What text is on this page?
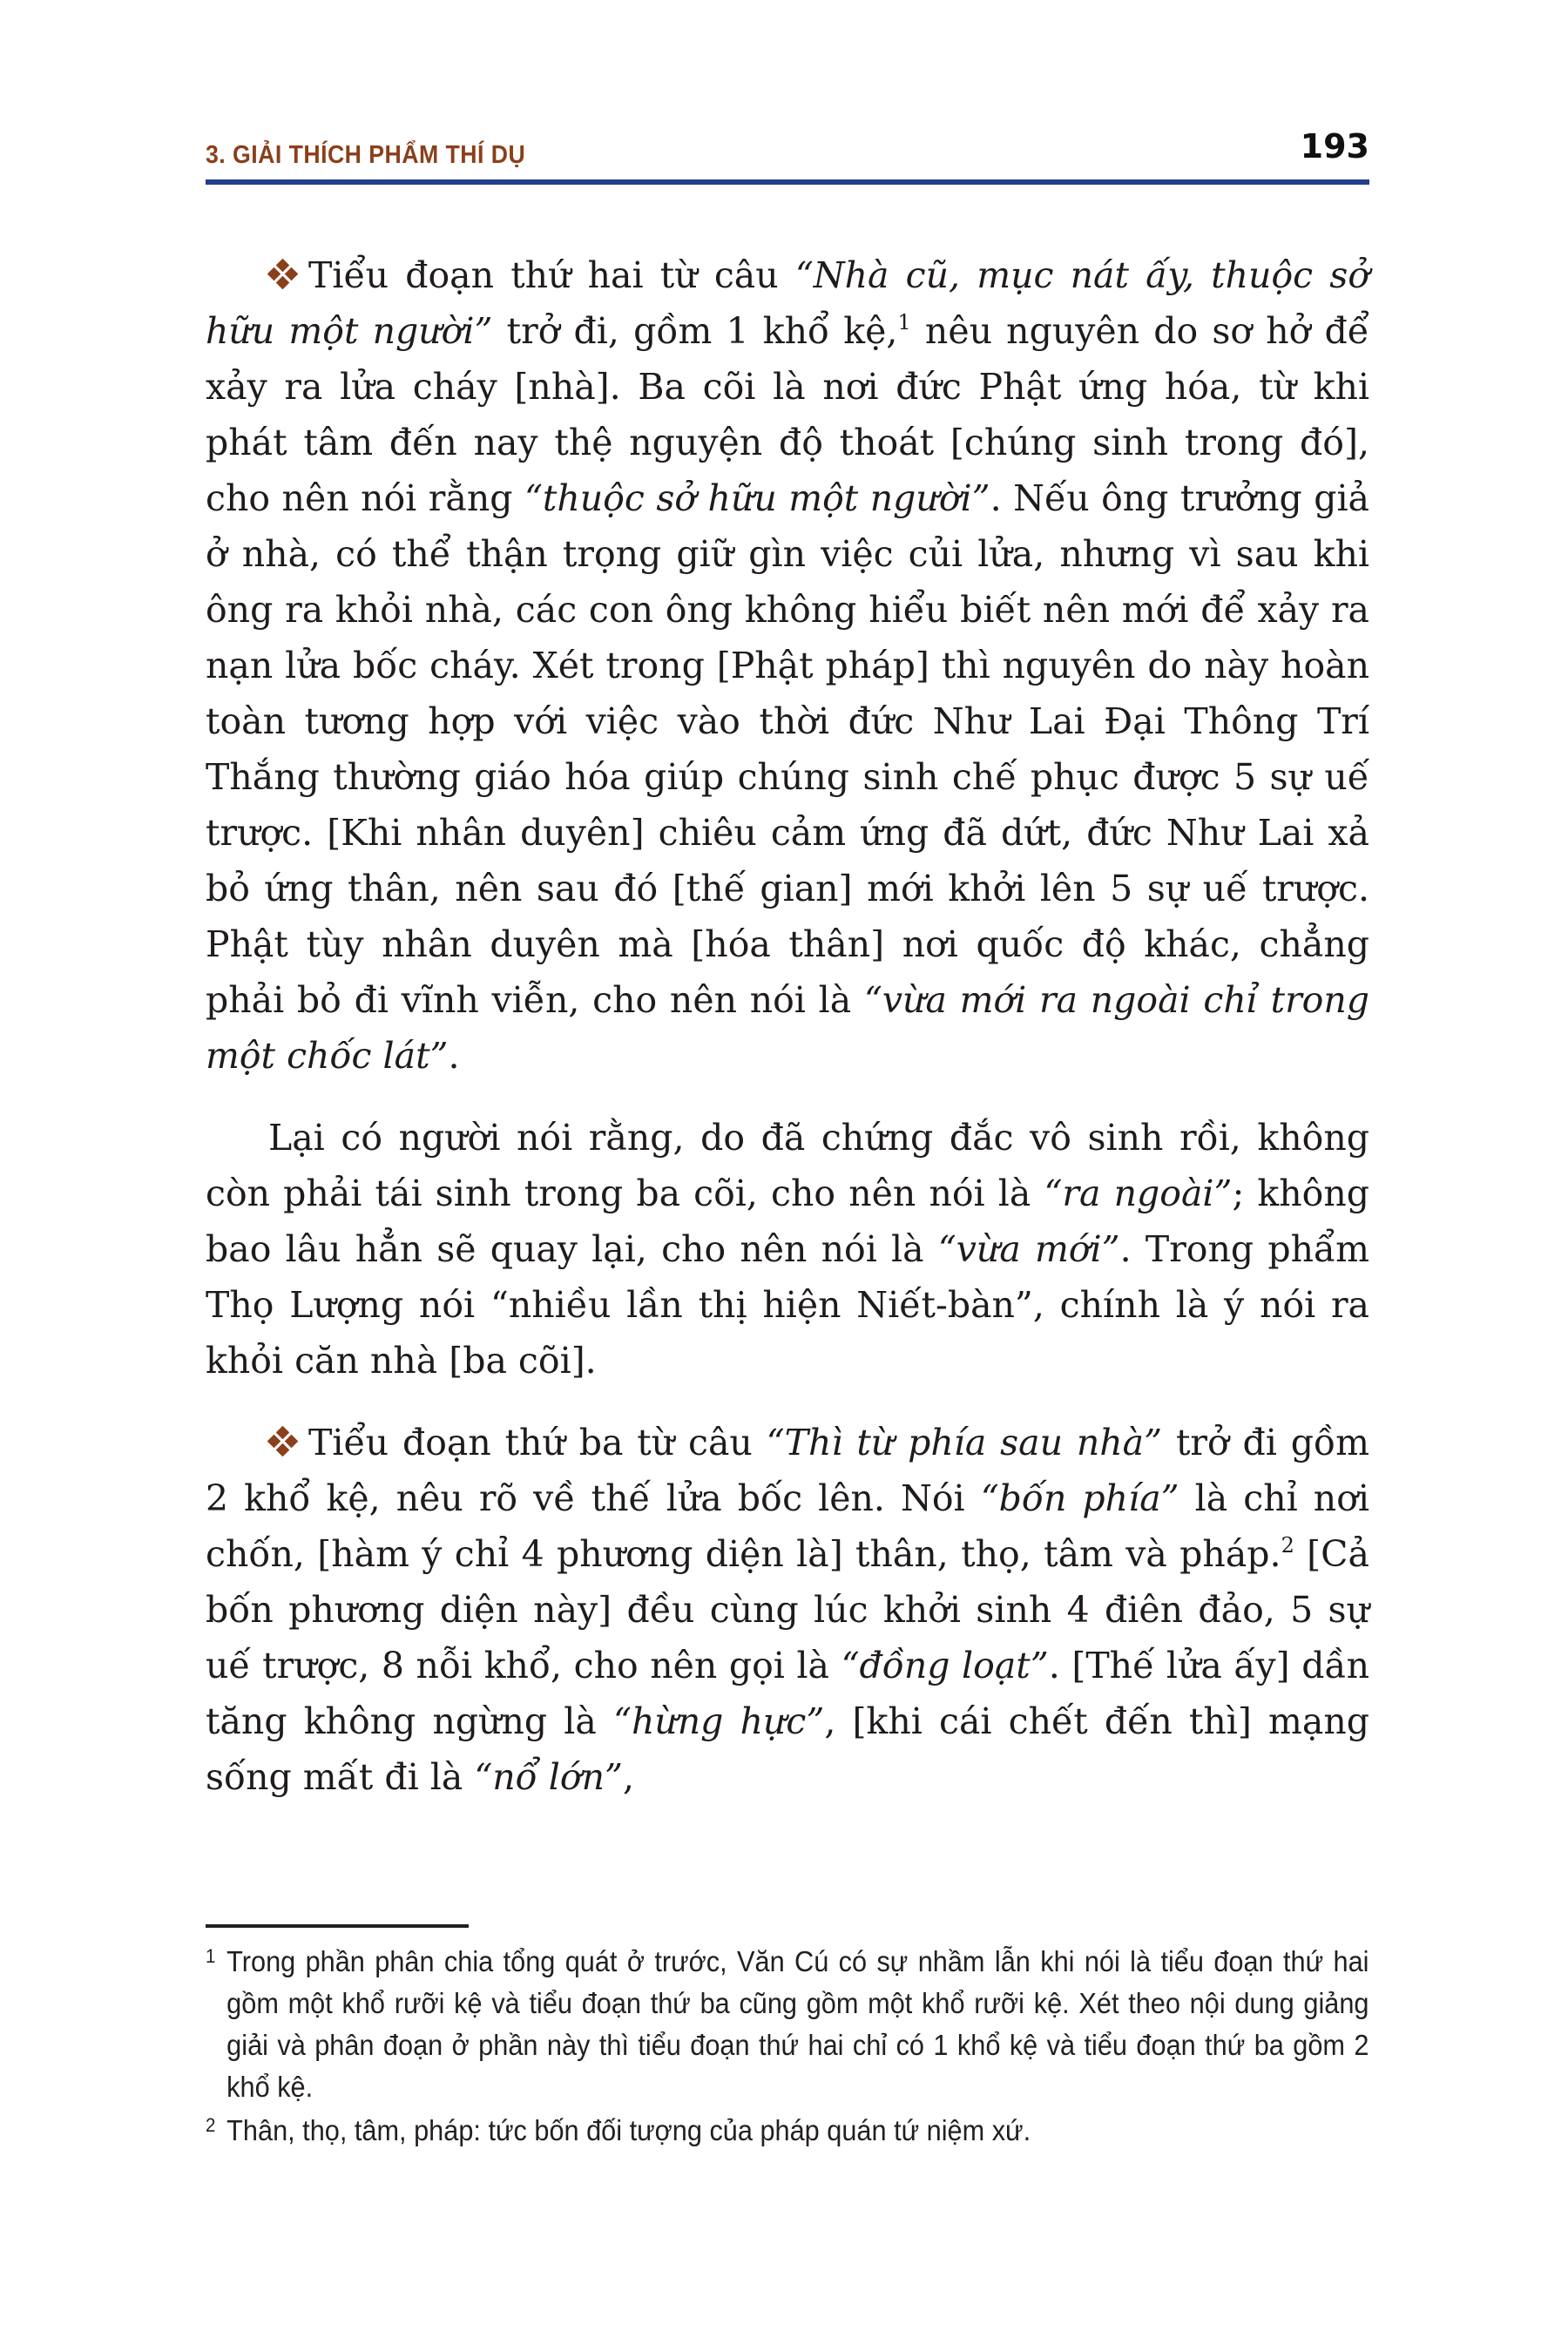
3. GIẢI THÍCH PHẨM THÍ DỤ	193

Tiểu đoạn thứ hai từ câu “Nhà cũ, mục nát ấy, thuộc sở hữu một người” trở đi, gồm 1 khổ kệ,$^1$ nêu nguyên do sơ hở để xảy ra lửa cháy [nhà]. Ba cõi là nơi đức Phật ứng hóa, từ khi phát tâm đến nay thệ nguyện độ thoát [chúng sinh trong đó], cho nên nói rằng “thuộc sở hữu một người”. Nếu ông trưởng giả ở nhà, có thể thận trọng giữ gìn việc củi lửa, nhưng vì sau khi ông ra khỏi nhà, các con ông không hiểu biết nên mới để xảy ra nạn lửa bốc cháy. Xét trong [Phật pháp] thì nguyên do này hoàn toàn tương hợp với việc vào thời đức Như Lai Đại Thông Trí Thắng thường giáo hóa giúp chúng sinh chế phục được 5 sự uế trược. [Khi nhân duyên] chiêu cảm ứng đã dứt, đức Như Lai xả bỏ ứng thân, nên sau đó [thế gian] mới khởi lên 5 sự uế trược. Phật tùy nhân duyên mà [hóa thân] nơi quốc độ khác, chẳng phải bỏ đi vĩnh viễn, cho nên nói là “vừa mới ra ngoài chỉ trong một chốc lát”.

Lại có người nói rằng, do đã chứng đắc vô sinh rồi, không còn phải tái sinh trong ba cõi, cho nên nói là “ra ngoài”; không bao lâu hẳn sẽ quay lại, cho nên nói là “vừa mới”. Trong phẩm Thọ Lượng nói “nhiều lần thị hiện Niết-bàn”, chính là ý nói ra khỏi căn nhà [ba cõi].

Tiểu đoạn thứ ba từ câu “Thì từ phía sau nhà” trở đi gồm 2 khổ kệ, nêu rõ về thế lửa bốc lên. Nói “bốn phía” là chỉ nơi chốn, [hàm ý chỉ 4 phương diện là] thân, thọ, tâm và pháp.$^2$ [Cả bốn phương diện này] đều cùng lúc khởi sinh 4 điên đảo, 5 sự uế trược, 8 nỗi khổ, cho nên gọi là “đồng loạt”. [Thế lửa ấy] dần tăng không ngừng là “hừng hực”, [khi cái chết đến thì] mạng sống mất đi là “nổ lớn”,

1 Trong phần phân chia tổng quát ở trước, Văn Cú có sự nhầm lẫn khi nói là tiểu đoạn thứ hai gồm một khổ rưỡi kệ và tiểu đoạn thứ ba cũng gồm một khổ rưỡi kệ. Xét theo nội dung giảng giải và phân đoạn ở phần này thì tiểu đoạn thứ hai chỉ có 1 khổ kệ và tiểu đoạn thứ ba gồm 2 khổ kệ.
2 Thân, thọ, tâm, pháp: tức bốn đối tượng của pháp quán tứ niệm xứ.
